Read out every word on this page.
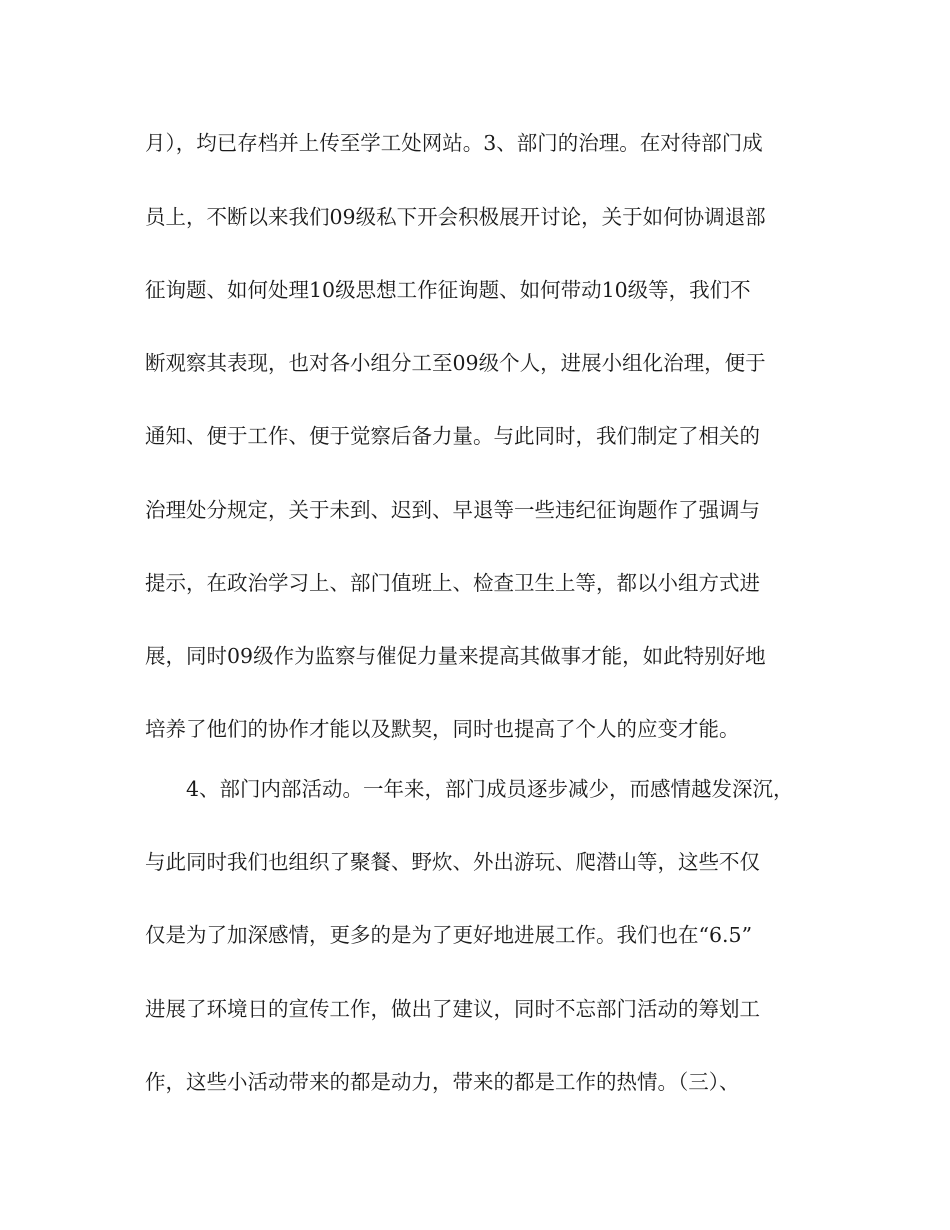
月），均已存档并上传至学工处网站。3、部门的治理。在对待部门成

员上，不断以来我们09级私下开会积极展开讨论，关于如何协调退部

征询题、如何处理10级思想工作征询题、如何带动10级等，我们不

断观察其表现，也对各小组分工至09级个人，进展小组化治理，便于

通知、便于工作、便于觉察后备力量。与此同时，我们制定了相关的

治理处分规定，关于未到、迟到、早退等一些违纪征询题作了强调与

提示，在政治学习上、部门值班上、检查卫生上等，都以小组方式进

展，同时09级作为监察与催促力量来提高其做事才能，如此特别好地

培养了他们的协作才能以及默契，同时也提高了个人的应变才能。

4、部门内部活动。一年来，部门成员逐步减少，而感情越发深沉，

与此同时我们也组织了聚餐、野炊、外出游玩、爬潜山等，这些不仅

仅是为了加深感情，更多的是为了更好地进展工作。我们也在“6.5”

进展了环境日的宣传工作，做出了建议，同时不忘部门活动的筹划工

作，这些小活动带来的都是动力，带来的都是工作的热情。（三）、
